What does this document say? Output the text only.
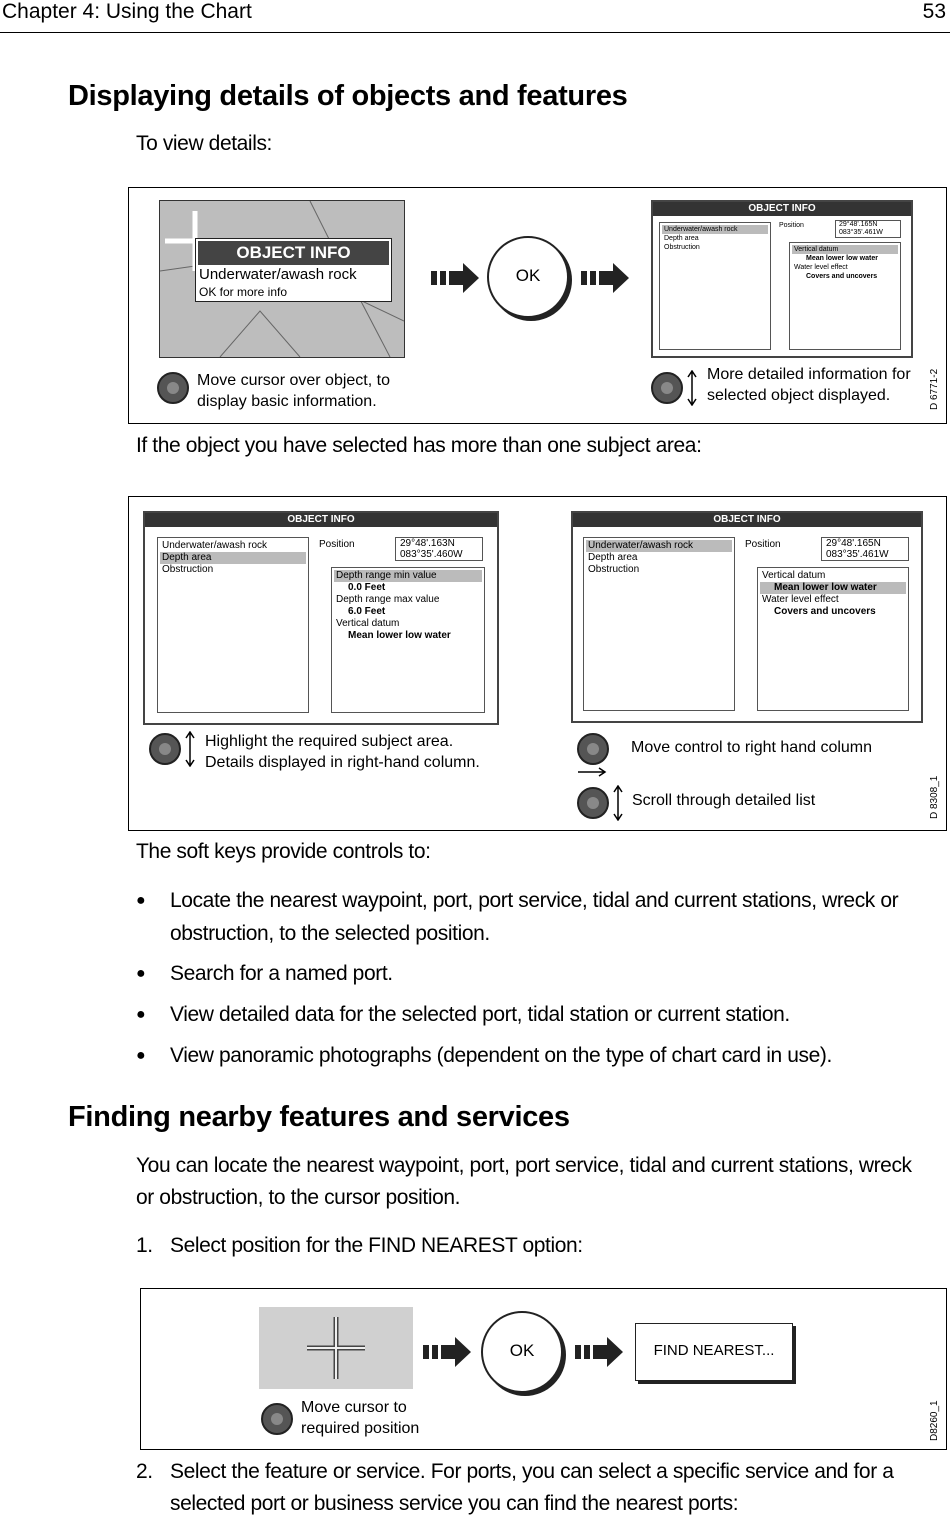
Chapter 4: Using the Chart	53
Displaying details of objects and features
To view details:
OBJECT INFO
Underwater/awash rock
OK for more info
OK
OBJECT INFO
Underwater/awash rock
Depth area
Obstruction
Position	29°48'.165N
083°35'.461W
Vertical datum
Mean lower low water
Water level effect
Covers and uncovers
Move cursor over object, to
display basic information.
More detailed information for
selected object displayed.	D 6771-2
If the object you have selected has more than one subject area:
OBJECT INFO
Underwater/awash rock
Depth area
Obstruction
Position	29°48'.163N
083°35'.460W
Depth range min value
0.0 Feet
Depth range max value
6.0 Feet
Vertical datum
Mean lower low water
OBJECT INFO
Underwater/awash rock
Depth area
Obstruction
Position	29°48'.165N
083°35'.461W
Vertical datum
Mean lower low water
Water level effect
Covers and uncovers
Highlight the required subject area.
Details displayed in right-hand column.
Move control to right hand column
Scroll through detailed list	D 8308_1
The soft keys provide controls to:
● Locate the nearest waypoint, port, port service, tidal and current stations, wreck or obstruction, to the selected position.
● Search for a named port.
● View detailed data for the selected port, tidal station or current station.
● View panoramic photographs (dependent on the type of chart card in use).
Finding nearby features and services
You can locate the nearest waypoint, port, port service, tidal and current stations, wreck or obstruction, to the cursor position.
1. Select position for the FIND NEAREST option:
OK	FIND NEAREST...
Move cursor to
required position	D8260_1
2. Select the feature or service. For ports, you can select a specific service and for a selected port or business service you can find the nearest ports:
